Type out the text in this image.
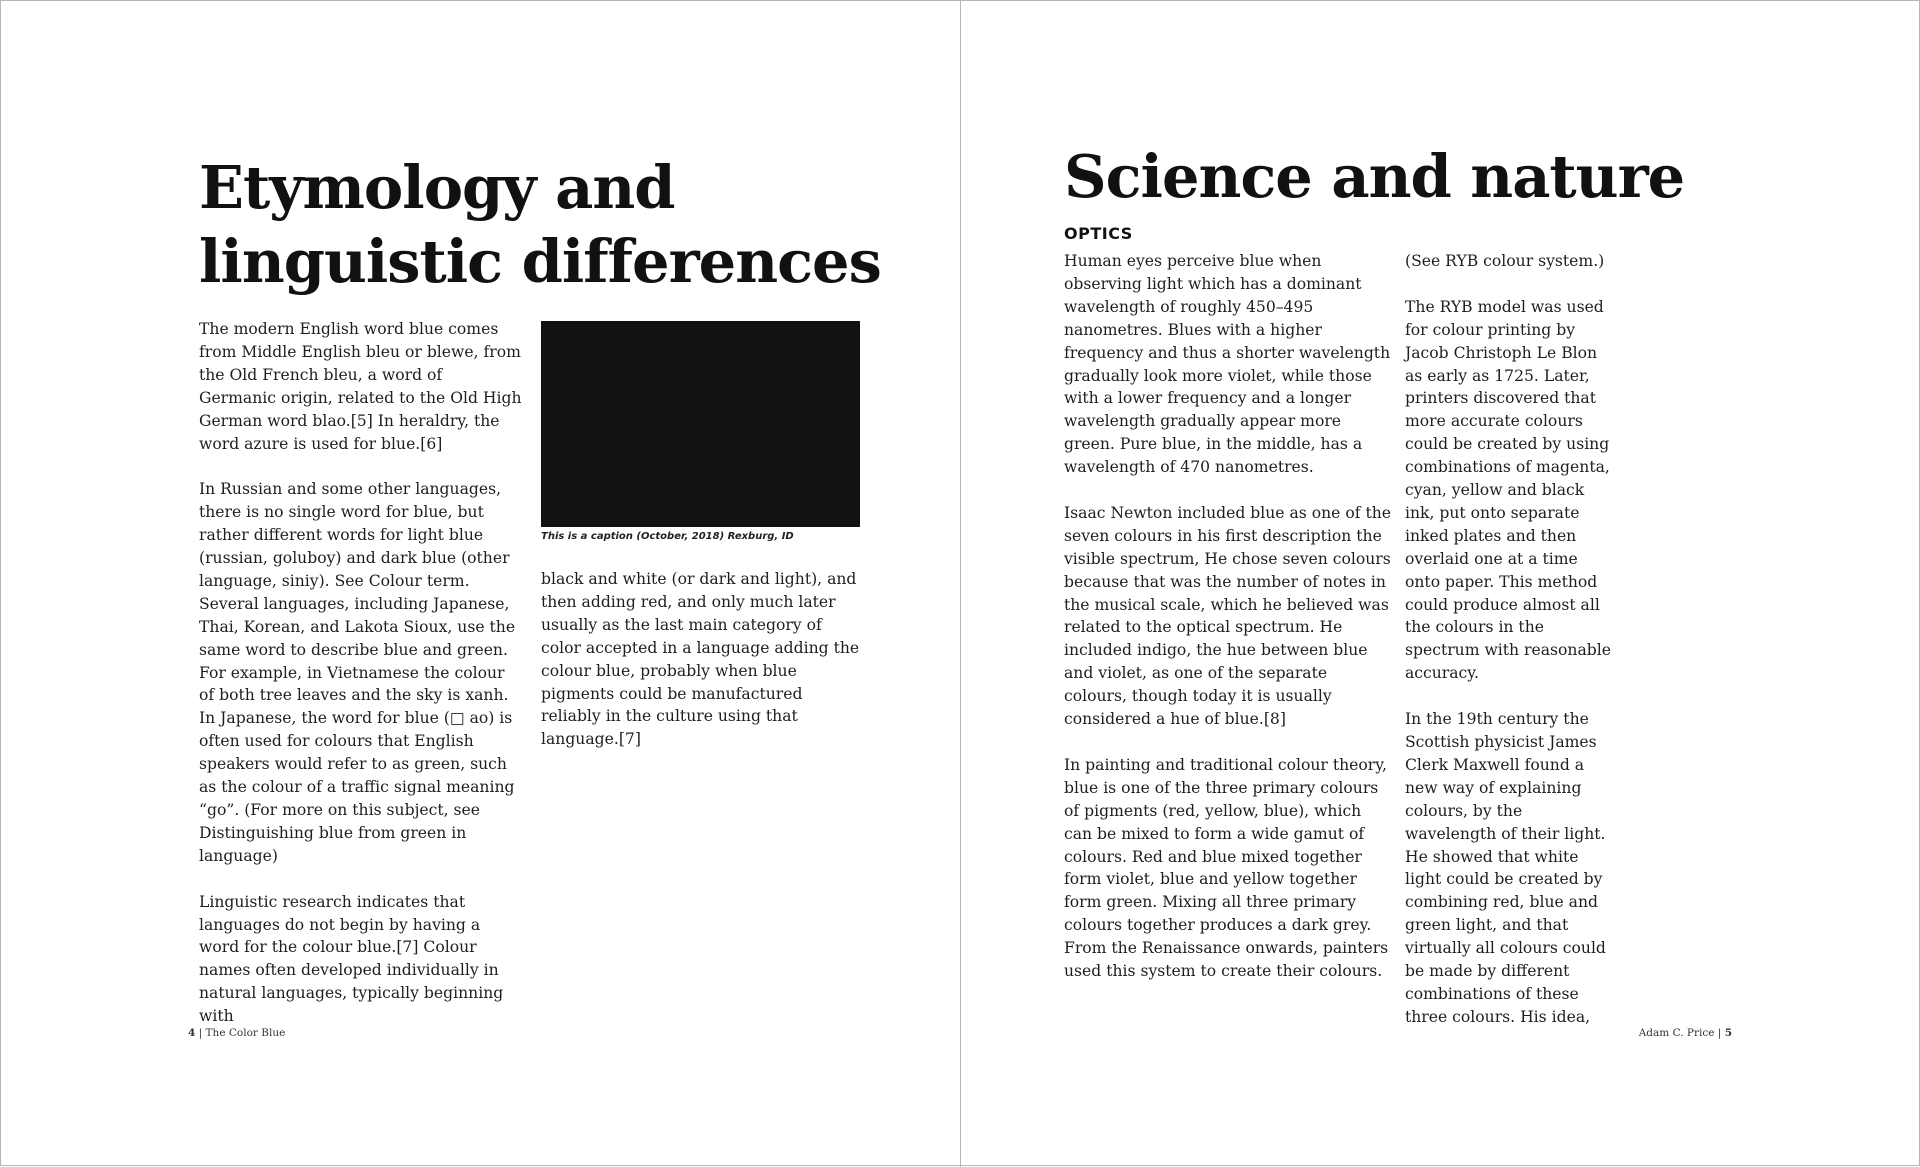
Etymology and linguistic differences

The modern English word blue comes from Middle English bleu or blewe, from the Old French bleu, a word of Germanic origin, related to the Old High German word blao.[5] In heraldry, the word azure is used for blue.[6]

In Russian and some other languages, there is no single word for blue, but rather different words for light blue (russian, goluboy) and dark blue (other language, siniy). See Colour term. Several languages, including Japanese, Thai, Korean, and Lakota Sioux, use the same word to describe blue and green. For example, in Vietnamese the colour of both tree leaves and the sky is xanh. In Japanese, the word for blue (□ ao) is often used for colours that English speakers would refer to as green, such as the colour of a traffic signal meaning “go”. (For more on this subject, see Distinguishing blue from green in language)

Linguistic research indicates that languages do not begin by having a word for the colour blue.[7] Colour names often developed individually in natural languages, typically beginning with

This is a caption (October, 2018) Rexburg, ID

black and white (or dark and light), and then adding red, and only much later usually as the last main category of color accepted in a language adding the colour blue, probably when blue pigments could be manufactured reliably in the culture using that language.[7]

4 | The Color Blue
Science and nature
OPTICS

Human eyes perceive blue when observing light which has a dominant wavelength of roughly 450–495 nanometres. Blues with a higher frequency and thus a shorter wavelength gradually look more violet, while those with a lower frequency and a longer wavelength gradually appear more green. Pure blue, in the middle, has a wavelength of 470 nanometres.

Isaac Newton included blue as one of the seven colours in his first description the visible spectrum, He chose seven colours because that was the number of notes in the musical scale, which he believed was related to the optical spectrum. He included indigo, the hue between blue and violet, as one of the separate colours, though today it is usually considered a hue of blue.[8]

In painting and traditional colour theory, blue is one of the three primary colours of pigments (red, yellow, blue), which can be mixed to form a wide gamut of colours. Red and blue mixed together form violet, blue and yellow together form green. Mixing all three primary colours together produces a dark grey. From the Renaissance onwards, painters used this system to create their colours.

(See RYB colour system.)

The RYB model was used for colour printing by Jacob Christoph Le Blon as early as 1725. Later, printers discovered that more accurate colours could be created by using combinations of magenta, cyan, yellow and black ink, put onto separate inked plates and then overlaid one at a time onto paper. This method could produce almost all the colours in the spectrum with reasonable accuracy.

In the 19th century the Scottish physicist James Clerk Maxwell found a new way of explaining colours, by the wavelength of their light. He showed that white light could be created by combining red, blue and green light, and that virtually all colours could be made by different combinations of these three colours. His idea,

Adam C. Price | 5
